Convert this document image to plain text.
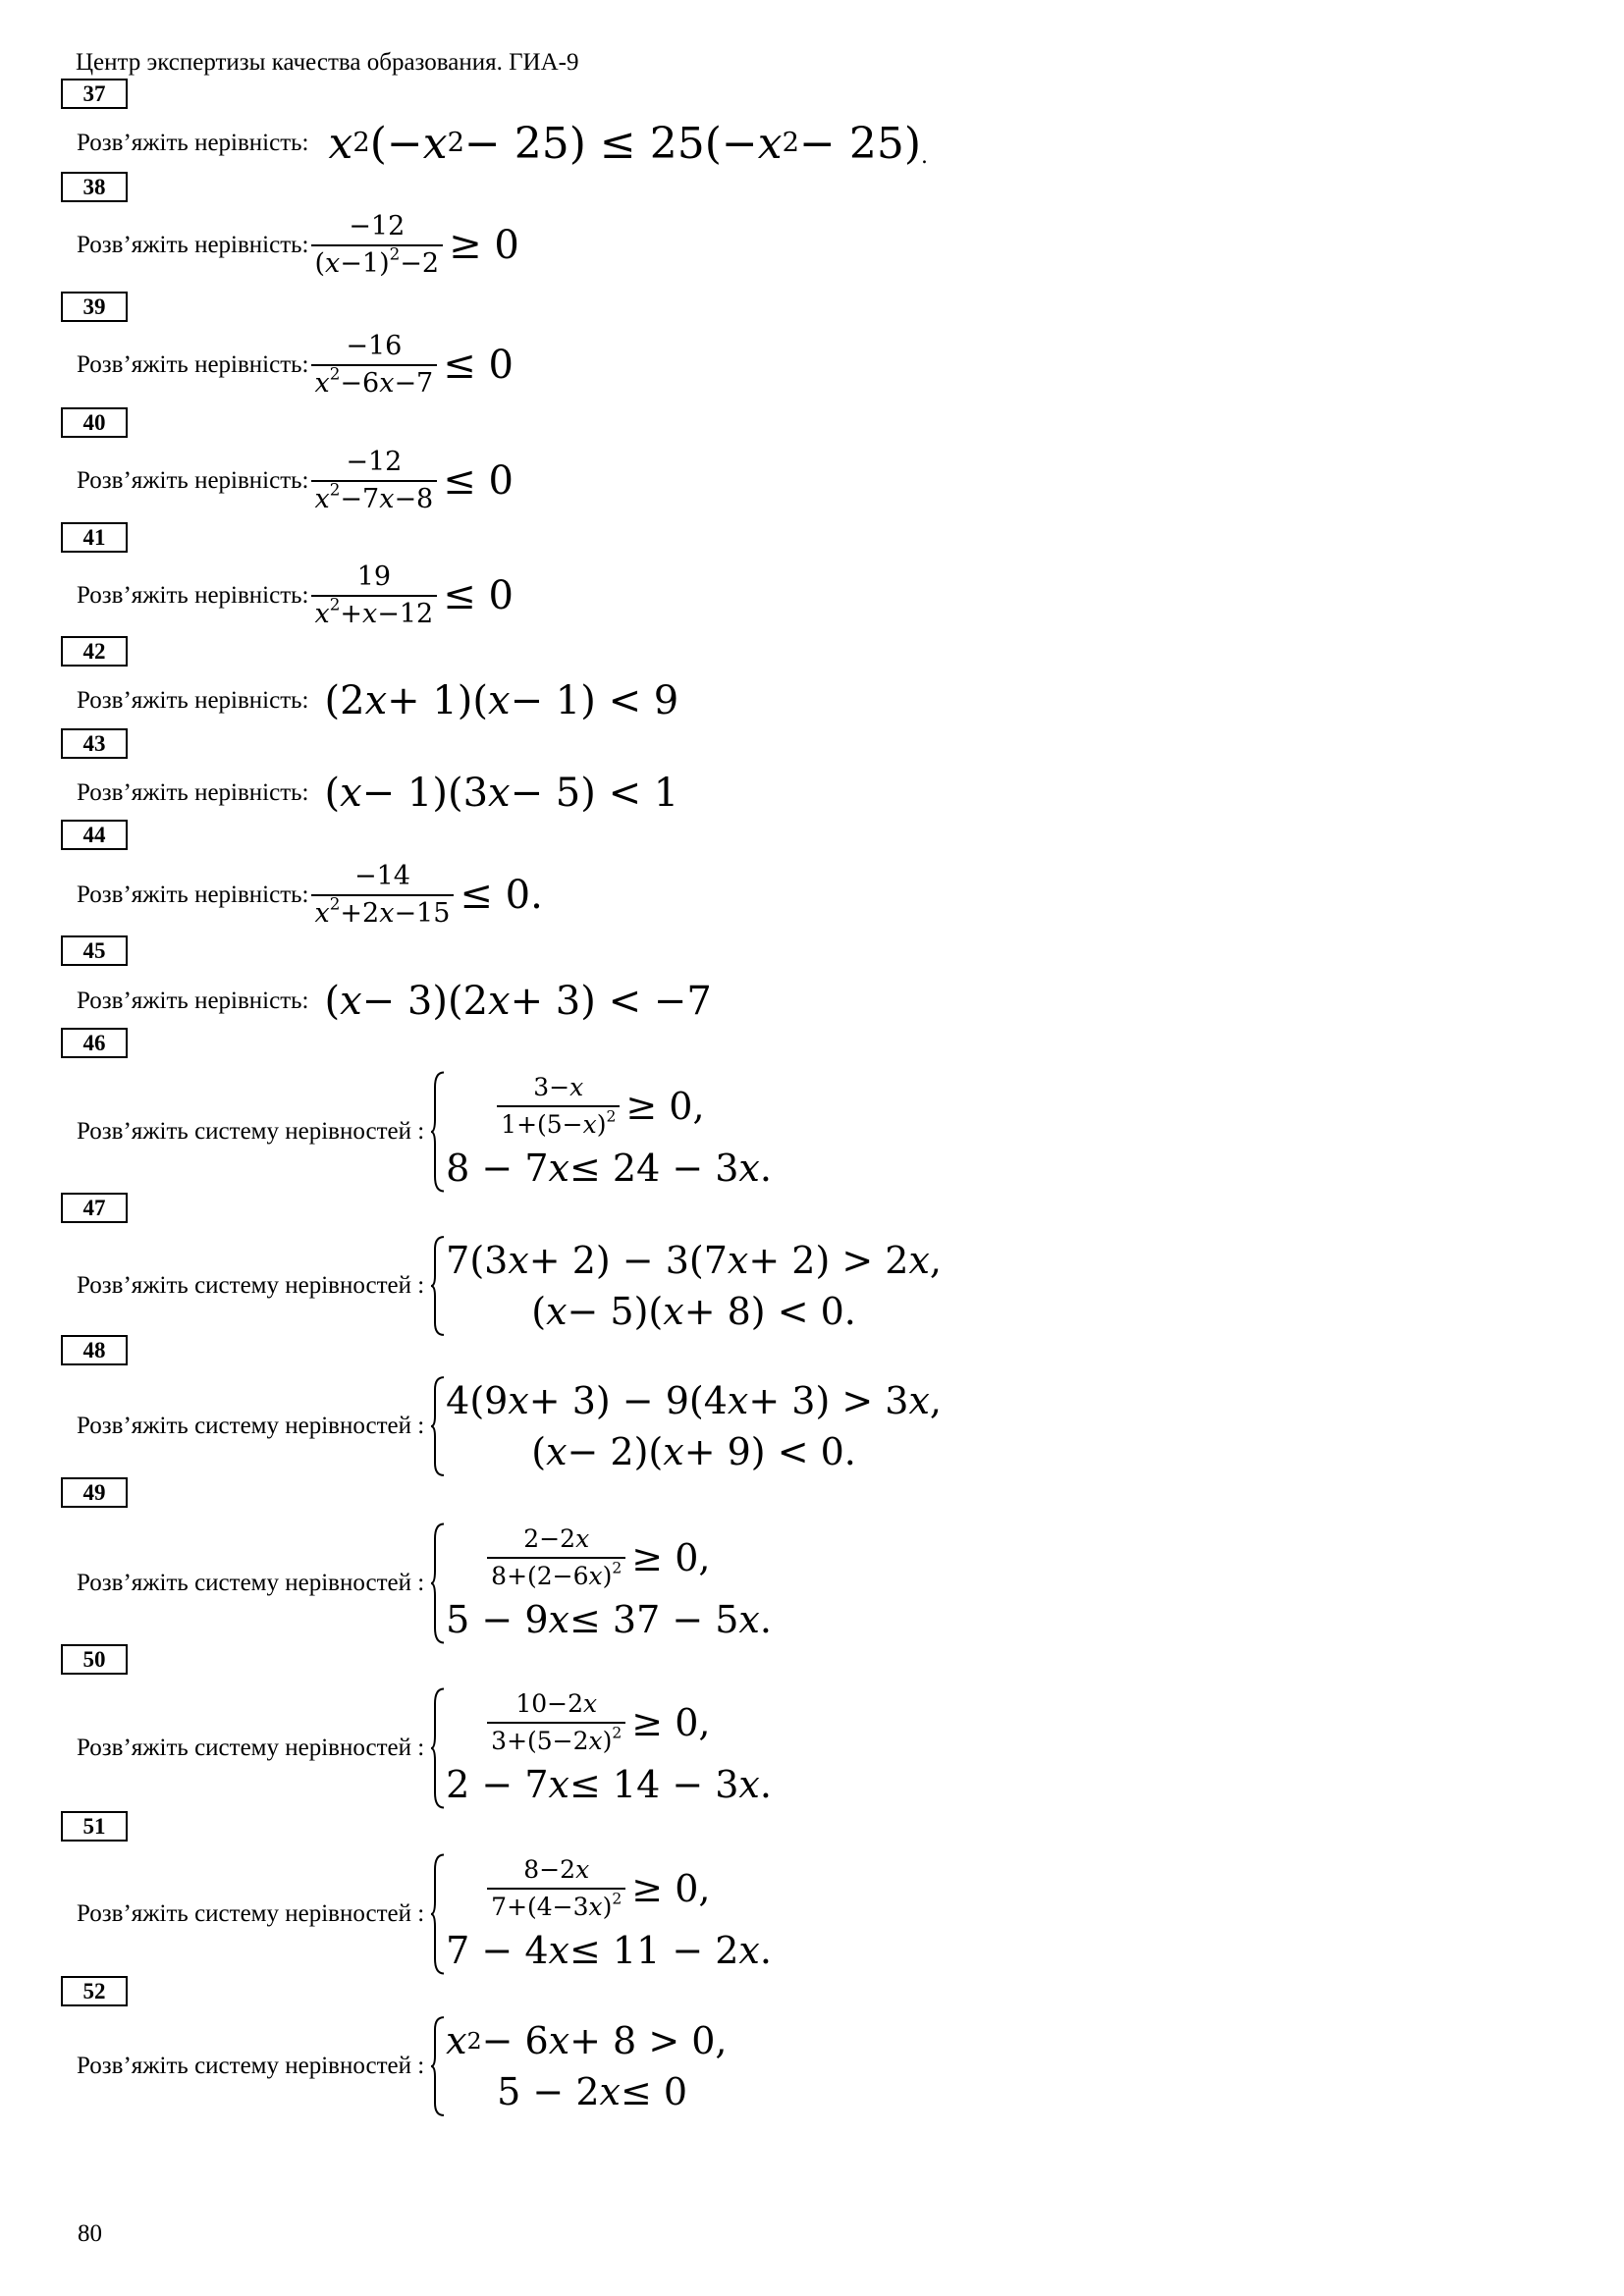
Центр экспертизы качества образования. ГИА-9
37
Розв’яжіть нерівність: x 2 (− x 2 − 25) ≤ 25(− x 2 − 25) .
38
Розв’яжіть нерівність: $\frac{-12}{(x-1)^2-2} \ge 0$
39
Розв’яжіть нерівність: $\frac{-16}{x^2-6x-7} \le 0$
40
Розв’яжіть нерівність: $\frac{-12}{x^2-7x-8} \le 0$
41
Розв’яжіть нерівність: $\frac{19}{x^2+x-12} \le 0$
42
Розв’яжіть нерівність: (2 x + 1)( x − 1) < 9
43
Розв’яжіть нерівність: ( x − 1)(3 x − 5) < 1
44
Розв’яжіть нерівність: $\frac{-14}{x^2+2x-15} \le 0$.
45
Розв’яжіть нерівність: ( x − 3)(2 x + 3) < −7
46
Розв’яжіть систему нерівностей :	$\frac{3-x}{1+(5-x)^2} \ge 0$,
8 − 7 x ≤ 24 − 3 x .
47
Розв’яжіть систему нерівностей :
7(3 x + 2) − 3(7 x + 2) > 2 x ,
( x − 5)( x + 8) < 0.
48
Розв’яжіть систему нерівностей :
4(9 x + 3) − 9(4 x + 3) > 3 x ,
( x − 2)( x + 9) < 0.
49
Розв’яжіть систему нерівностей :	$\frac{2-2x}{8+(2-6x)^2} \ge 0$,
5 − 9 x ≤ 37 − 5 x .
50
Розв’яжіть систему нерівностей :	$\frac{10-2x}{3+(5-2x)^2} \ge 0$,
2 − 7 x ≤ 14 − 3 x .
51
Розв’яжіть систему нерівностей :	$\frac{8-2x}{7+(4-3x)^2} \ge 0$,
7 − 4 x ≤ 11 − 2 x .
52
Розв’яжіть систему нерівностей :
x 2 − 6 x + 8 > 0,
5 − 2 x ≤ 0
80
